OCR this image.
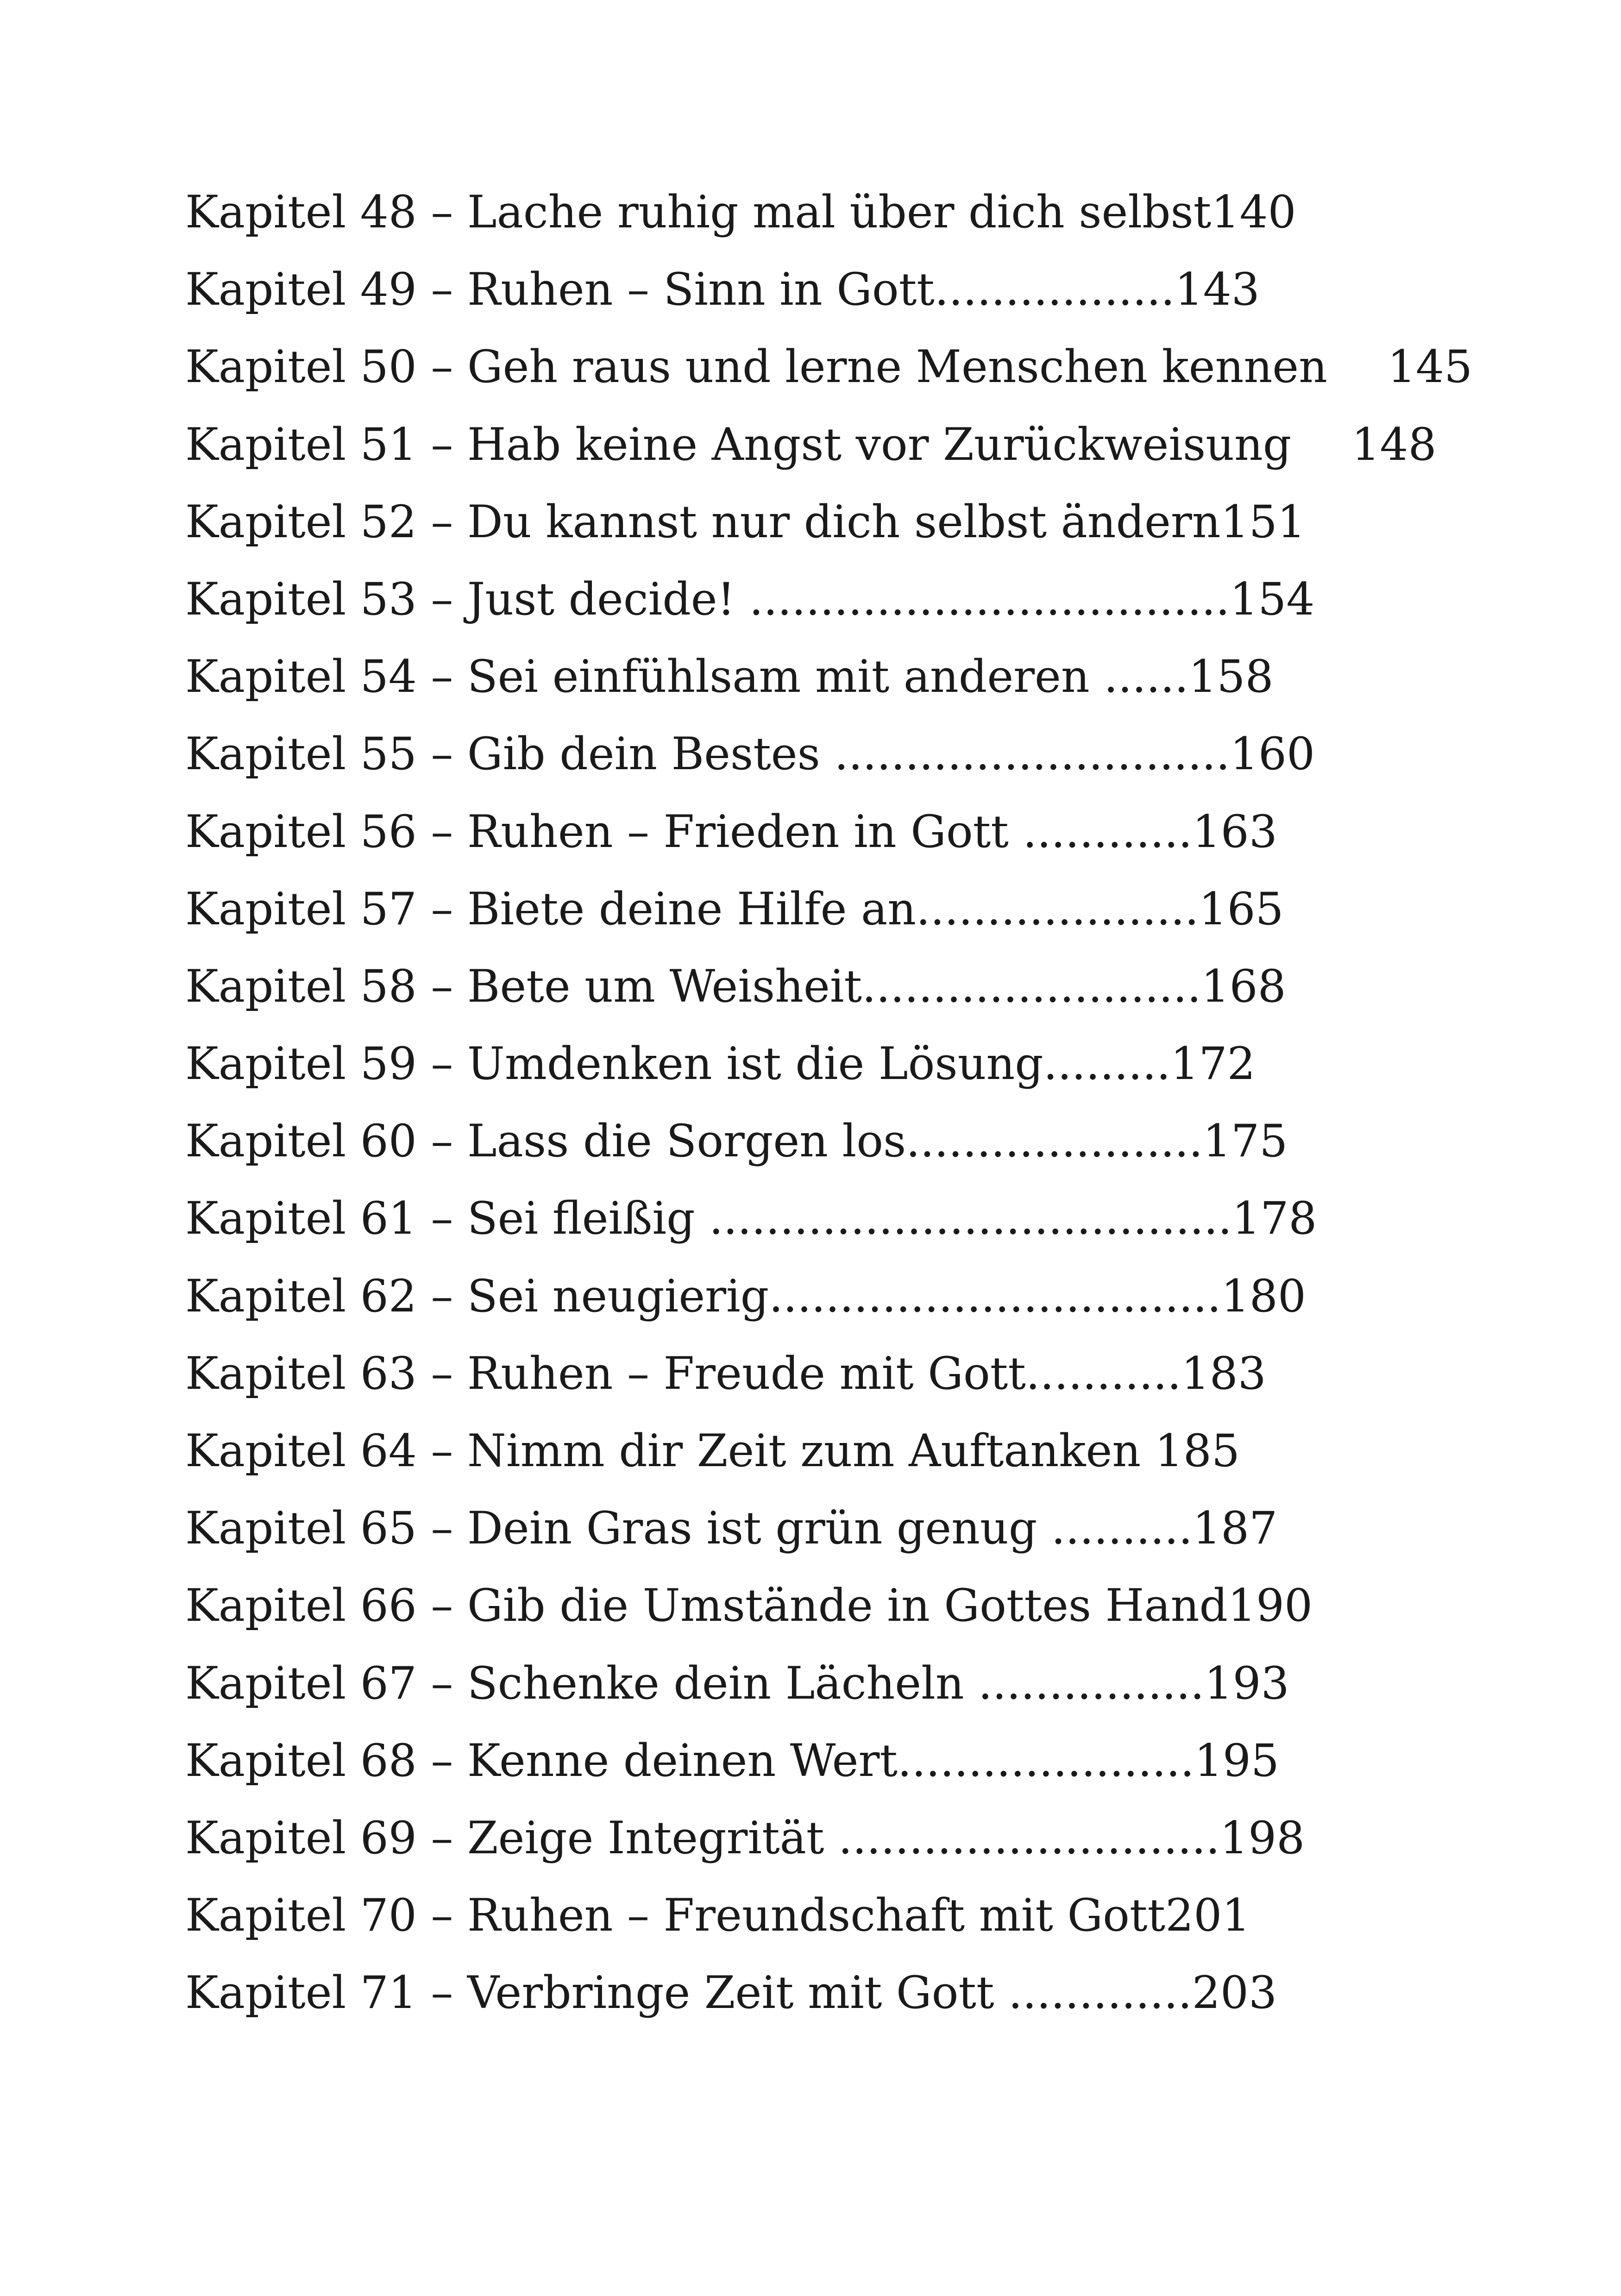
Kapitel 48 – Lache ruhig mal über dich selbst140
Kapitel 49 – Ruhen – Sinn in Gott.................143
Kapitel 50 – Geh raus und lerne Menschen kennen 145
Kapitel 51 – Hab keine Angst vor Zurückweisung 148
Kapitel 52 – Du kannst nur dich selbst ändern151
Kapitel 53 – Just decide! ..................................154
Kapitel 54 – Sei einfühlsam mit anderen ......158
Kapitel 55 – Gib dein Bestes ............................160
Kapitel 56 – Ruhen – Frieden in Gott ............163
Kapitel 57 – Biete deine Hilfe an....................165
Kapitel 58 – Bete um Weisheit........................168
Kapitel 59 – Umdenken ist die Lösung.........172
Kapitel 60 – Lass die Sorgen los.....................175
Kapitel 61 – Sei fleißig .....................................178
Kapitel 62 – Sei neugierig................................180
Kapitel 63 – Ruhen – Freude mit Gott...........183
Kapitel 64 – Nimm dir Zeit zum Auftanken 185
Kapitel 65 – Dein Gras ist grün genug ..........187
Kapitel 66 – Gib die Umstände in Gottes Hand190
Kapitel 67 – Schenke dein Lächeln ................193
Kapitel 68 – Kenne deinen Wert.....................195
Kapitel 69 – Zeige Integrität ...........................198
Kapitel 70 – Ruhen – Freundschaft mit Gott201
Kapitel 71 – Verbringe Zeit mit Gott .............203
